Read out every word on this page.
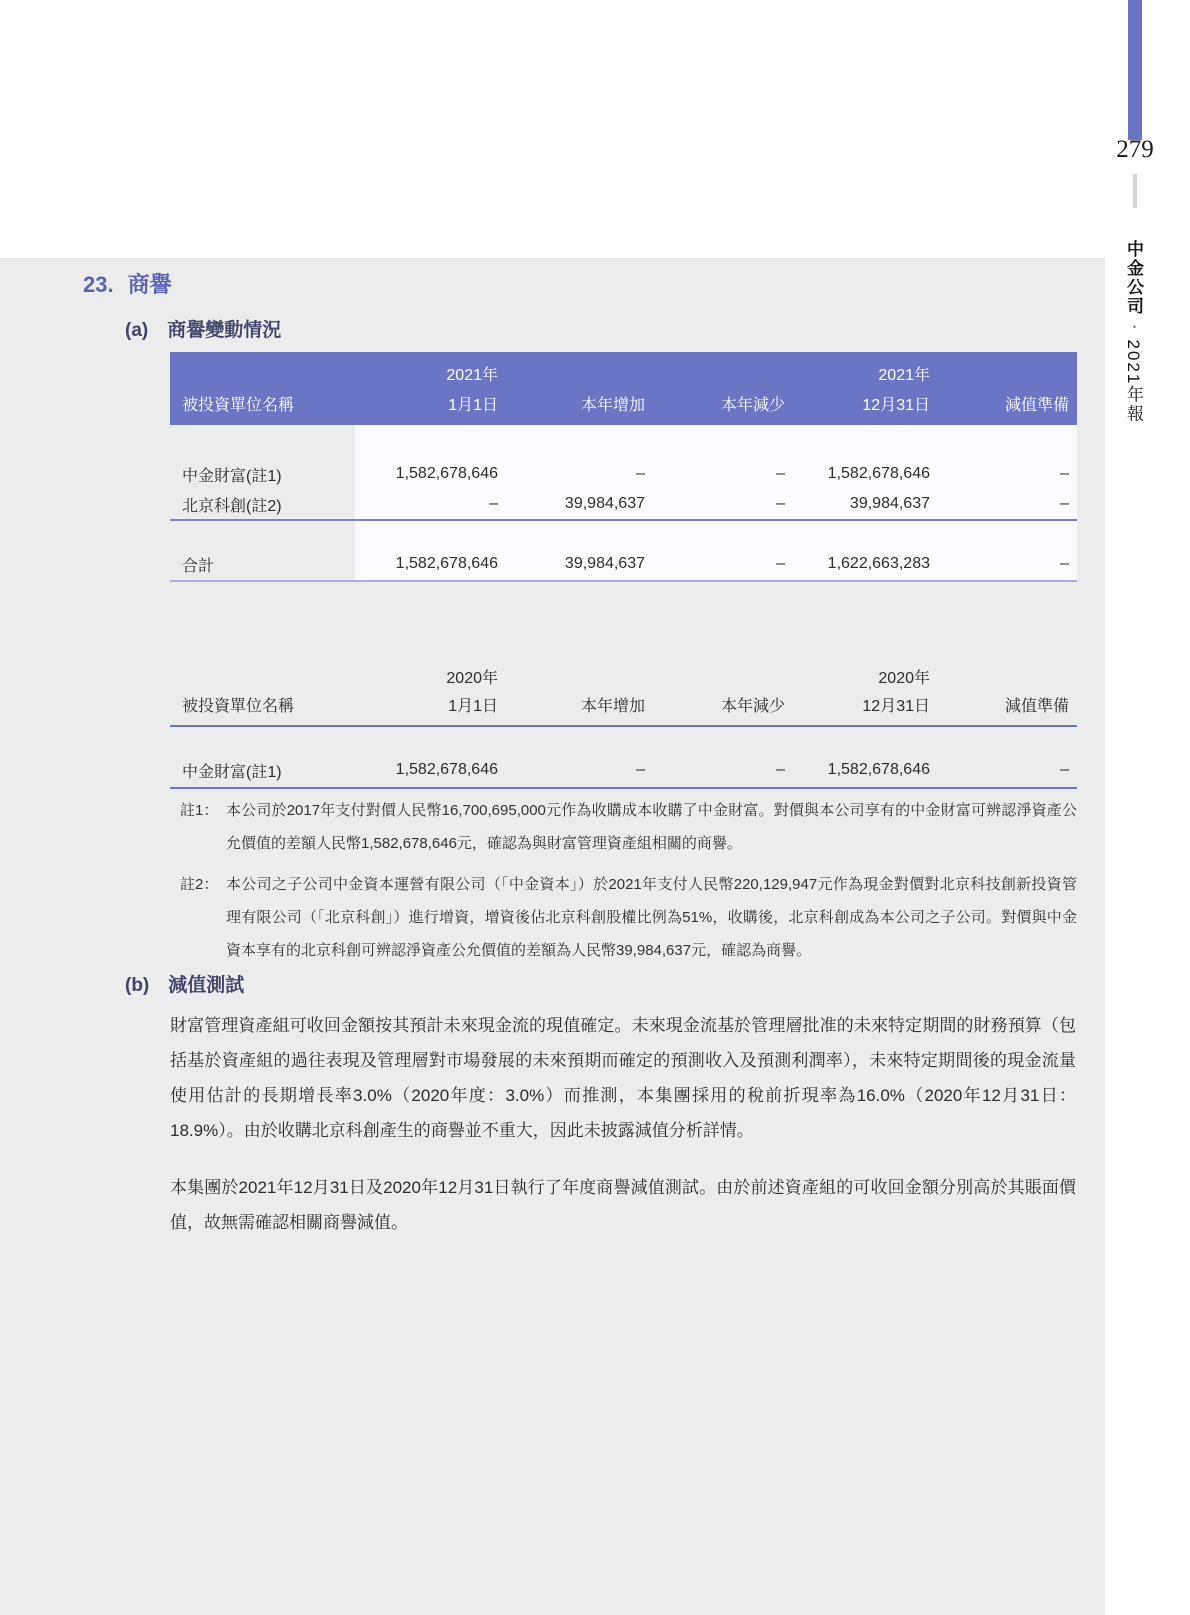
279
中金公司•2021年報
23. 商譽
(a) 商譽變動情況
	2021年			2021年	
被投資單位名稱	1月1日	本年增加	本年減少	12月31日	減值準備

中金財富(註1)	1,582,678,646	–	–	1,582,678,646	–
北京科創(註2)	–	39,984,637	–	39,984,637	–

合計	1,582,678,646	39,984,637	–	1,622,663,283	–
	2020年			2020年	
被投資單位名稱	1月1日	本年增加	本年減少	12月31日	減值準備

中金財富(註1)	1,582,678,646	–	–	1,582,678,646	–
註1： 本公司於2017年支付對價人民幣16,700,695,000元作為收購成本收購了中金財富。對價與本公司享有的中金財富可辨認淨資產公允價值的差額人民幣1,582,678,646元，確認為與財富管理資產組相關的商譽。
註2： 本公司之子公司中金資本運營有限公司（「中金資本」）於2021年支付人民幣220,129,947元作為現金對價對北京科技創新投資管理有限公司（「北京科創」）進行增資，增資後佔北京科創股權比例為51%，收購後，北京科創成為本公司之子公司。對價與中金資本享有的北京科創可辨認淨資產公允價值的差額為人民幣39,984,637元，確認為商譽。
(b) 減值測試

財富管理資產組可收回金額按其預計未來現金流的現值確定。未來現金流基於管理層批准的未來特定期間的財務預算（包括基於資產組的過往表現及管理層對市場發展的未來預期而確定的預測收入及預測利潤率），未來特定期間後的現金流量使用估計的長期增長率3.0%（2020年度：3.0%）而推測，本集團採用的稅前折現率為16.0%（2020年12月31日：18.9%）。由於收購北京科創產生的商譽並不重大，因此未披露減值分析詳情。

本集團於2021年12月31日及2020年12月31日執行了年度商譽減值測試。由於前述資產組的可收回金額分別高於其賬面價值，故無需確認相關商譽減值。
